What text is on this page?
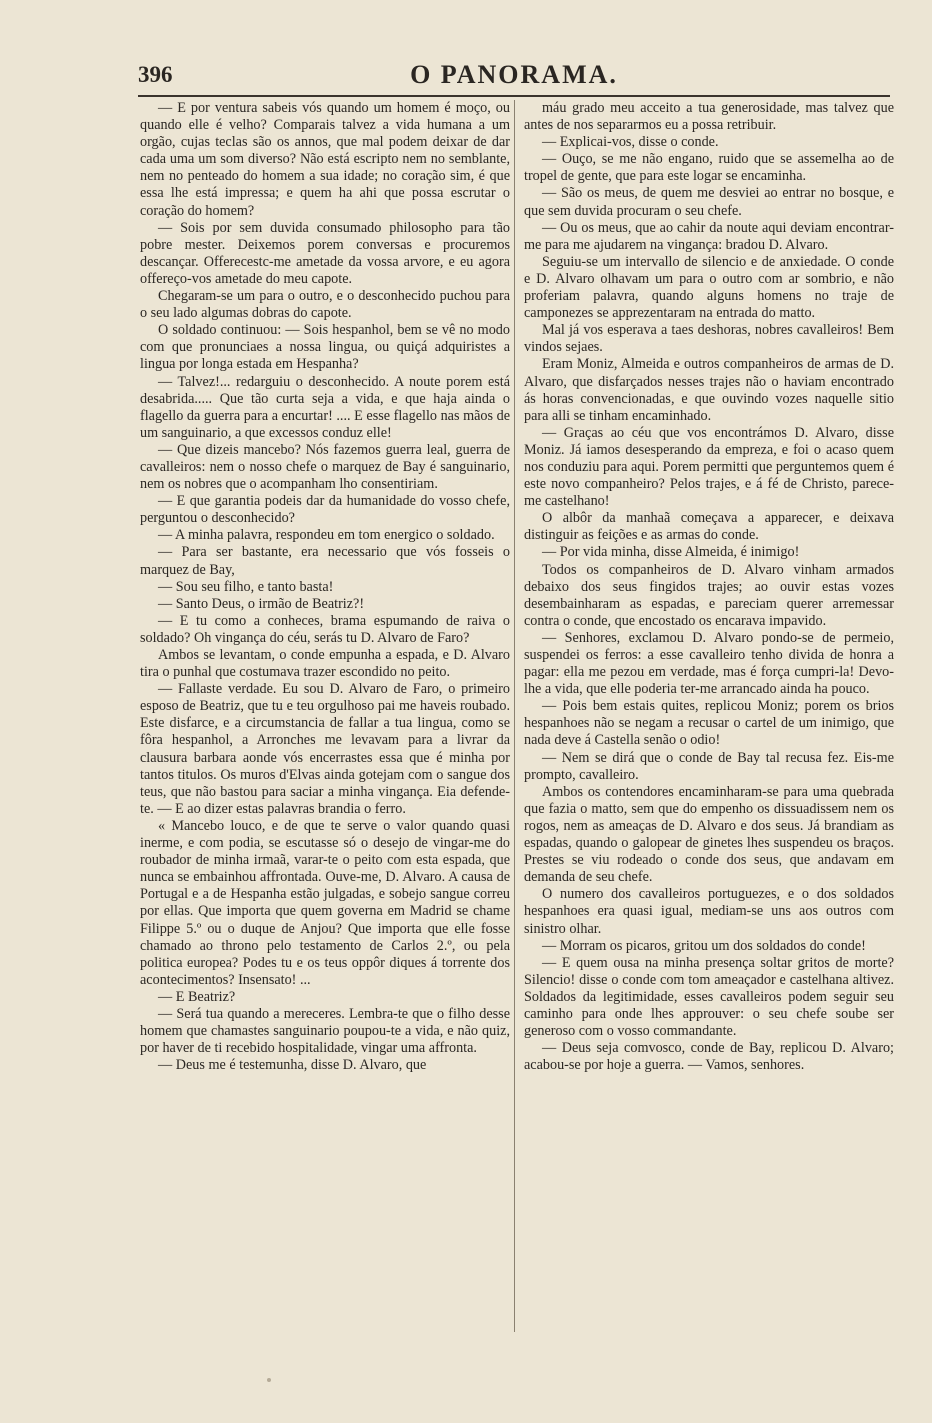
396	O PANORAMA.

— E por ventura sabeis vós quando um homem é moço, ou quando elle é velho? Comparais talvez a vida humana a um orgão, cujas teclas são os annos, que mal podem deixar de dar cada uma um som diverso? Não está escripto nem no semblante, nem no penteado do homem a sua idade; no coração sim, é que essa lhe está impressa; e quem ha ahi que possa escrutar o coração do homem?

— Sois por sem duvida consumado philosopho para tão pobre mester. Deixemos porem conversas e procuremos descançar. Offerecestc-me ametade da vossa arvore, e eu agora offereço-vos ametade do meu capote.

Chegaram-se um para o outro, e o desconhecido puchou para o seu lado algumas dobras do capote.

O soldado continuou: — Sois hespanhol, bem se vê no modo com que pronunciaes a nossa lingua, ou quiçá adquiristes a lingua por longa estada em Hespanha?

— Talvez!... redarguiu o desconhecido. A noute porem está desabrida..... Que tão curta seja a vida, e que haja ainda o flagello da guerra para a encurtar! .... E esse flagello nas mãos de um sanguinario, a que excessos conduz elle!

— Que dizeis mancebo? Nós fazemos guerra leal, guerra de cavalleiros: nem o nosso chefe o marquez de Bay é sanguinario, nem os nobres que o acompanham lho consentiriam.

— E que garantia podeis dar da humanidade do vosso chefe, perguntou o desconhecido?

— A minha palavra, respondeu em tom energico o soldado.

— Para ser bastante, era necessario que vós fosseis o marquez de Bay,

— Sou seu filho, e tanto basta!

— Santo Deus, o irmão de Beatriz?!

— E tu como a conheces, brama espumando de raiva o soldado? Oh vingança do céu, serás tu D. Alvaro de Faro?

Ambos se levantam, o conde empunha a espada, e D. Alvaro tira o punhal que costumava trazer escondido no peito.

— Fallaste verdade. Eu sou D. Alvaro de Faro, o primeiro esposo de Beatriz, que tu e teu orgulhoso pai me haveis roubado. Este disfarce, e a circumstancia de fallar a tua lingua, como se fôra hespanhol, a Arronches me levavam para a livrar da clausura barbara aonde vós encerrastes essa que é minha por tantos titulos. Os muros d'Elvas ainda gotejam com o sangue dos teus, que não bastou para saciar a minha vingança. Eia defende-te. — E ao dizer estas palavras brandia o ferro.

« Mancebo louco, e de que te serve o valor quando quasi inerme, e com podia, se escutasse só o desejo de vingar-me do roubador de minha irmaã, varar-te o peito com esta espada, que nunca se embainhou affrontada. Ouve-me, D. Alvaro. A causa de Portugal e a de Hespanha estão julgadas, e sobejo sangue correu por ellas. Que importa que quem governa em Madrid se chame Filippe 5.º ou o duque de Anjou? Que importa que elle fosse chamado ao throno pelo testamento de Carlos 2.º, ou pela politica europea? Podes tu e os teus oppôr diques á torrente dos acontecimentos? Insensato! ...

— E Beatriz?

— Será tua quando a mereceres. Lembra-te que o filho desse homem que chamastes sanguinario poupou-te a vida, e não quiz, por haver de ti recebido hospitalidade, vingar uma affronta.

— Deus me é testemunha, disse D. Alvaro, que

máu grado meu acceito a tua generosidade, mas talvez que antes de nos separarmos eu a possa retribuir.

— Explicai-vos, disse o conde.

— Ouço, se me não engano, ruido que se assemelha ao de tropel de gente, que para este logar se encaminha.

— São os meus, de quem me desviei ao entrar no bosque, e que sem duvida procuram o seu chefe.

— Ou os meus, que ao cahir da noute aqui deviam encontrar-me para me ajudarem na vingança: bradou D. Alvaro.

Seguiu-se um intervallo de silencio e de anxiedade. O conde e D. Alvaro olhavam um para o outro com ar sombrio, e não proferiam palavra, quando alguns homens no traje de camponezes se apprezentaram na entrada do matto.

Mal já vos esperava a taes deshoras, nobres cavalleiros! Bem vindos sejaes.

Eram Moniz, Almeida e outros companheiros de armas de D. Alvaro, que disfarçados nesses trajes não o haviam encontrado ás horas convencionadas, e que ouvindo vozes naquelle sitio para alli se tinham encaminhado.

— Graças ao céu que vos encontrámos D. Alvaro, disse Moniz. Já iamos desesperando da empreza, e foi o acaso quem nos conduziu para aqui. Porem permitti que perguntemos quem é este novo companheiro? Pelos trajes, e á fé de Christo, parece-me castelhano!

O albôr da manhaã começava a apparecer, e deixava distinguir as feições e as armas do conde.

— Por vida minha, disse Almeida, é inimigo!

Todos os companheiros de D. Alvaro vinham armados debaixo dos seus fingidos trajes; ao ouvir estas vozes desembainharam as espadas, e pareciam querer arremessar contra o conde, que encostado os encarava impavido.

— Senhores, exclamou D. Alvaro pondo-se de permeio, suspendei os ferros: a esse cavalleiro tenho divida de honra a pagar: ella me pezou em verdade, mas é força cumpri-la! Devo-lhe a vida, que elle poderia ter-me arrancado ainda ha pouco.

— Pois bem estais quites, replicou Moniz; porem os brios hespanhoes não se negam a recusar o cartel de um inimigo, que nada deve á Castella senão o odio!

— Nem se dirá que o conde de Bay tal recusa fez. Eis-me prompto, cavalleiro.

Ambos os contendores encaminharam-se para uma quebrada que fazia o matto, sem que do empenho os dissuadissem nem os rogos, nem as ameaças de D. Alvaro e dos seus. Já brandiam as espadas, quando o galopear de ginetes lhes suspendeu os braços. Prestes se viu rodeado o conde dos seus, que andavam em demanda de seu chefe.

O numero dos cavalleiros portuguezes, e o dos soldados hespanhoes era quasi igual, mediam-se uns aos outros com sinistro olhar.

— Morram os picaros, gritou um dos soldados do conde!

— E quem ousa na minha presença soltar gritos de morte? Silencio! disse o conde com tom ameaçador e castelhana altivez. Soldados da legitimidade, esses cavalleiros podem seguir seu caminho para onde lhes approuver: o seu chefe soube ser generoso com o vosso commandante.

— Deus seja comvosco, conde de Bay, replicou D. Alvaro; acabou-se por hoje a guerra. — Vamos, senhores.
